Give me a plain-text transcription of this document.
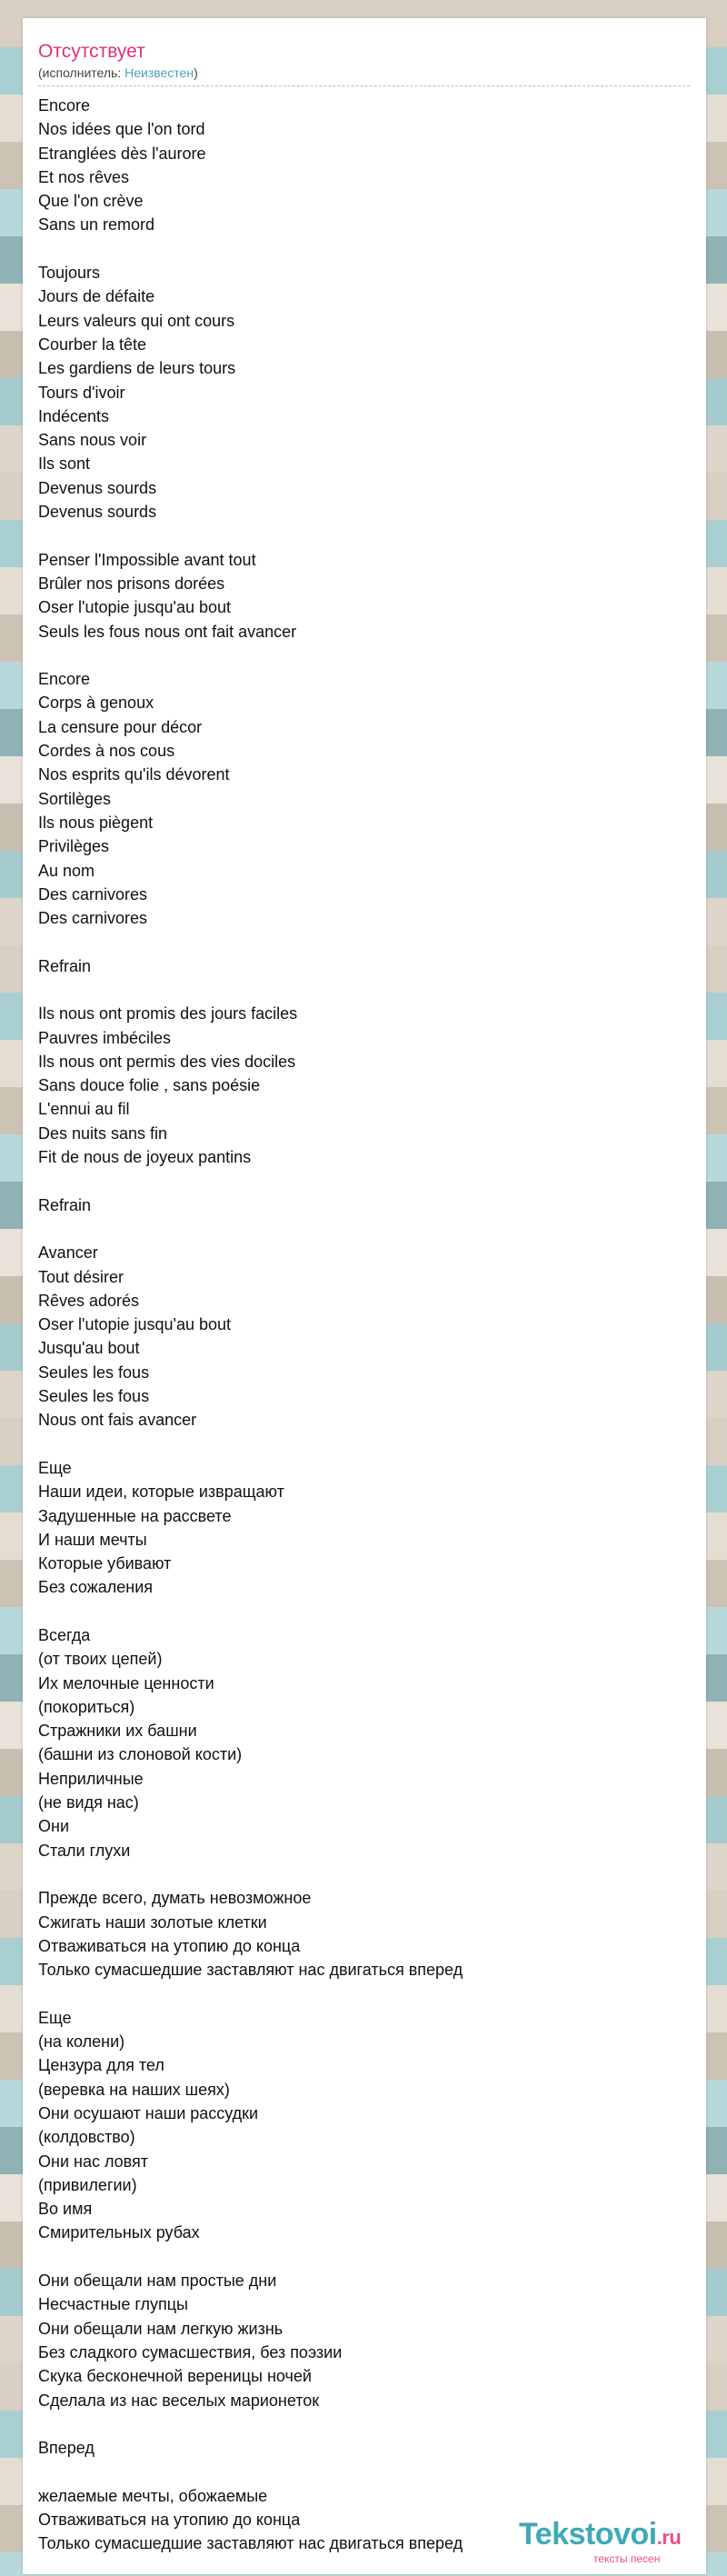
Отсутствует
(исполнитель: Неизвестен)
Encore
Nos idées que l'on tord
Etranglées dès l'aurore
Et nos rêves
Que l'on crève
Sans un remord

Toujours
Jours de défaite
Leurs valeurs qui ont cours
Courber la tête
Les gardiens de leurs tours
Tours d'ivoir
Indécents
Sans nous voir
Ils sont
Devenus sourds
Devenus sourds

Penser l'Impossible avant tout
Brûler nos prisons dorées
Oser l'utopie jusqu'au bout
Seuls les fous nous ont fait avancer

Encore
Corps à genoux
La censure pour décor
Cordes à nos cous
Nos esprits qu'ils dévorent
Sortilèges
Ils nous piègent
Privilèges
Au nom
Des carnivores
Des carnivores

Refrain

Ils nous ont promis des jours faciles
Pauvres imbéciles
Ils nous ont permis des vies dociles
Sans douce folie , sans poésie
L'ennui au fil
Des nuits sans fin
Fit de nous de joyeux pantins

Refrain

Avancer
Tout désirer
Rêves adorés
Oser l'utopie jusqu'au bout
Jusqu'au bout
Seules les fous
Seules les fous
Nous ont fais avancer

Еще
Наши идеи, которые извращают
Задушенные на рассвете
И наши мечты
Которые убивают
Без сожаления

Всегда
(от твоих цепей)
Их мелочные ценности
(покориться)
Стражники их башни
(башни из слоновой кости)
Неприличные
(не видя нас)
Они
Стали глухи

Прежде всего, думать невозможное
Сжигать наши золотые клетки
Отваживаться на утопию до конца
Только сумасшедшие заставляют нас двигаться вперед

Еще
(на колени)
Цензура для тел
(веревка на наших шеях)
Они осушают наши рассудки
(колдовство)
Они нас ловят
(привилегии)
Во имя
Смирительных рубах

Они обещали нам простые дни
Несчастные глупцы
Они обещали нам легкую жизнь
Без сладкого сумасшествия, без поэзии
Скука бесконечной вереницы ночей
Сделала из нас веселых марионеток

Вперед

желаемые мечты, обожаемые
Отваживаться на утопию до конца
Только сумасшедшие заставляют нас двигаться вперед	Tekstovoi.ru
тексты песен
